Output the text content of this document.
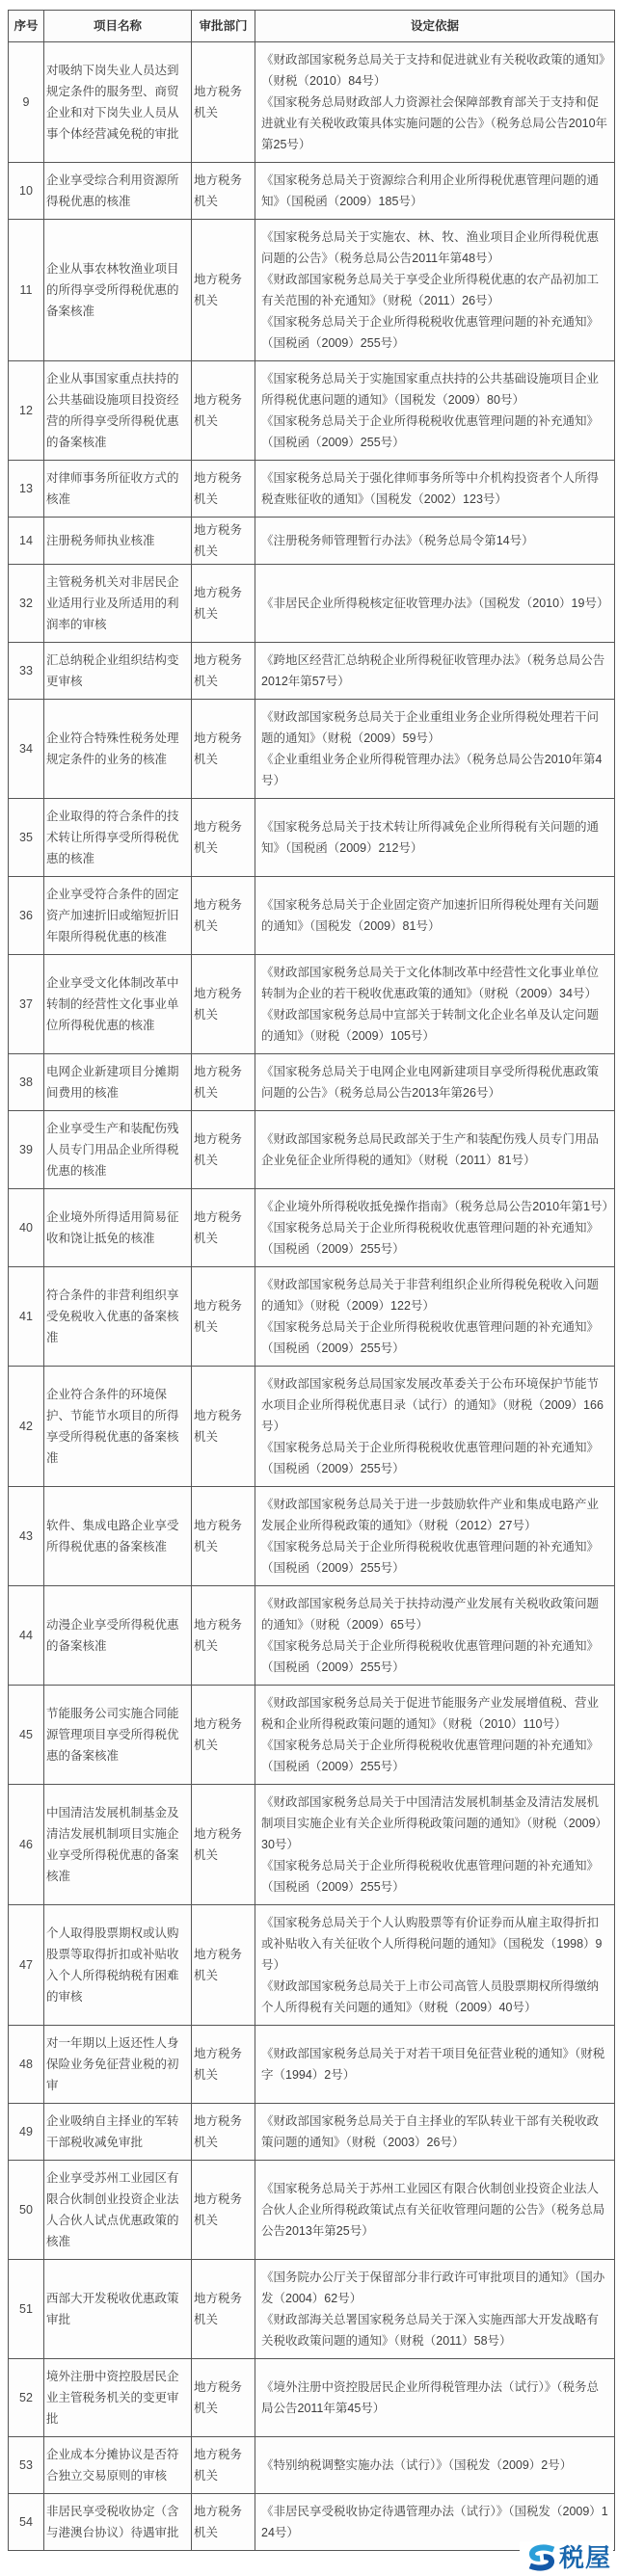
序号	项目名称	审批部门	设定依据
9	对吸纳下岗失业人员达到规定条件的服务型、商贸企业和对下岗失业人员从事个体经营减免税的审批	地方税务机关	《财政部国家税务总局关于支持和促进就业有关税收政策的通知》（财税（2010）84号）
《国家税务总局财政部人力资源社会保障部教育部关于支持和促进就业有关税收政策具体实施问题的公告》（税务总局公告2010年第25号）

10	企业享受综合利用资源所得税优惠的核准	地方税务机关	《国家税务总局关于资源综合利用企业所得税优惠管理问题的通知》（国税函（2009）185号）

11	企业从事农林牧渔业项目的所得享受所得税优惠的备案核准	地方税务机关	《国家税务总局关于实施农、林、牧、渔业项目企业所得税优惠问题的公告》（税务总局公告2011年第48号）
《财政部国家税务总局关于享受企业所得税优惠的农产品初加工有关范围的补充通知》（财税（2011）26号）
《国家税务总局关于企业所得税税收优惠管理问题的补充通知》（国税函（2009）255号）

12	企业从事国家重点扶持的公共基础设施项目投资经营的所得享受所得税优惠的备案核准	地方税务机关	《国家税务总局关于实施国家重点扶持的公共基础设施项目企业所得税优惠问题的通知》（国税发（2009）80号）
《国家税务总局关于企业所得税税收优惠管理问题的补充通知》（国税函（2009）255号）

13	对律师事务所征收方式的核准	地方税务机关	《国家税务总局关于强化律师事务所等中介机构投资者个人所得税查账征收的通知》（国税发（2002）123号）

14	注册税务师执业核准	地方税务机关	《注册税务师管理暂行办法》（税务总局令第14号）

32	主管税务机关对非居民企业适用行业及所适用的利润率的审核	地方税务机关	《非居民企业所得税核定征收管理办法》（国税发（2010）19号）

33	汇总纳税企业组织结构变更审核	地方税务机关	《跨地区经营汇总纳税企业所得税征收管理办法》（税务总局公告2012年第57号）

34	企业符合特殊性税务处理规定条件的业务的核准	地方税务机关	《财政部国家税务总局关于企业重组业务企业所得税处理若干问题的通知》（财税（2009）59号）
《企业重组业务企业所得税管理办法》（税务总局公告2010年第4号）

35	企业取得的符合条件的技术转让所得享受所得税优惠的核准	地方税务机关	《国家税务总局关于技术转让所得减免企业所得税有关问题的通知》（国税函（2009）212号）

36	企业享受符合条件的固定资产加速折旧或缩短折旧年限所得税优惠的核准	地方税务机关	《国家税务总局关于企业固定资产加速折旧所得税处理有关问题的通知》（国税发（2009）81号）

37	企业享受文化体制改革中转制的经营性文化事业单位所得税优惠的核准	地方税务机关	《财政部国家税务总局关于文化体制改革中经营性文化事业单位转制为企业的若干税收优惠政策的通知》（财税（2009）34号）
《财政部国家税务总局中宣部关于转制文化企业名单及认定问题的通知》（财税（2009）105号）

38	电网企业新建项目分摊期间费用的核准	地方税务机关	《国家税务总局关于电网企业电网新建项目享受所得税优惠政策问题的公告》（税务总局公告2013年第26号）

39	企业享受生产和装配伤残人员专门用品企业所得税优惠的核准	地方税务机关	《财政部国家税务总局民政部关于生产和装配伤残人员专门用品企业免征企业所得税的通知》（财税（2011）81号）

40	企业境外所得适用简易征收和饶让抵免的核准	地方税务机关	《企业境外所得税收抵免操作指南》（税务总局公告2010年第1号）
《国家税务总局关于企业所得税税收优惠管理问题的补充通知》（国税函（2009）255号）

41	符合条件的非营利组织享受免税收入优惠的备案核准	地方税务机关	《财政部国家税务总局关于非营利组织企业所得税免税收入问题的通知》（财税（2009）122号）
《国家税务总局关于企业所得税税收优惠管理问题的补充通知》（国税函（2009）255号）

42	企业符合条件的环境保护、节能节水项目的所得享受所得税优惠的备案核准	地方税务机关	《财政部国家税务总局国家发展改革委关于公布环境保护节能节水项目企业所得税优惠目录（试行）的通知》（财税（2009）166号）
《国家税务总局关于企业所得税税收优惠管理问题的补充通知》（国税函（2009）255号）

43	软件、集成电路企业享受所得税优惠的备案核准	地方税务机关	《财政部国家税务总局关于进一步鼓励软件产业和集成电路产业发展企业所得税政策的通知》（财税（2012）27号）
《国家税务总局关于企业所得税税收优惠管理问题的补充通知》（国税函（2009）255号）

44	动漫企业享受所得税优惠的备案核准	地方税务机关	《财政部国家税务总局关于扶持动漫产业发展有关税收政策问题的通知》（财税（2009）65号）
《国家税务总局关于企业所得税税收优惠管理问题的补充通知》（国税函（2009）255号）

45	节能服务公司实施合同能源管理项目享受所得税优惠的备案核准	地方税务机关	《财政部国家税务总局关于促进节能服务产业发展增值税、营业税和企业所得税政策问题的通知》（财税（2010）110号）
《国家税务总局关于企业所得税税收优惠管理问题的补充通知》（国税函（2009）255号）

46	中国清洁发展机制基金及清洁发展机制项目实施企业享受所得税优惠的备案核准	地方税务机关	《财政部国家税务总局关于中国清洁发展机制基金及清洁发展机制项目实施企业有关企业所得税政策问题的通知》（财税（2009）30号）
《国家税务总局关于企业所得税税收优惠管理问题的补充通知》（国税函（2009）255号）

47	个人取得股票期权或认购股票等取得折扣或补贴收入个人所得税纳税有困难的审核	地方税务机关	《国家税务总局关于个人认购股票等有价证券而从雇主取得折扣或补贴收入有关征收个人所得税问题的通知》（国税发（1998）9号）
《财政部国家税务总局关于上市公司高管人员股票期权所得缴纳个人所得税有关问题的通知》（财税（2009）40号）

48	对一年期以上返还性人身保险业务免征营业税的初审	地方税务机关	《财政部国家税务总局关于对若干项目免征营业税的通知》（财税字（1994）2号）

49	企业吸纳自主择业的军转干部税收减免审批	地方税务机关	《财政部国家税务总局关于自主择业的军队转业干部有关税收政策问题的通知》（财税（2003）26号）

50	企业享受苏州工业园区有限合伙制创业投资企业法人合伙人试点优惠政策的核准	地方税务机关	《国家税务总局关于苏州工业园区有限合伙制创业投资企业法人合伙人企业所得税政策试点有关征收管理问题的公告》（税务总局公告2013年第25号）

51	西部大开发税收优惠政策审批	地方税务机关	《国务院办公厅关于保留部分非行政许可审批项目的通知》（国办发（2004）62号）
《财政部海关总署国家税务总局关于深入实施西部大开发战略有关税收政策问题的通知》（财税（2011）58号）

52	境外注册中资控股居民企业主管税务机关的变更审批	地方税务机关	《境外注册中资控股居民企业所得税管理办法（试行）》（税务总局公告2011年第45号）

53	企业成本分摊协议是否符合独立交易原则的审核	地方税务机关	《特别纳税调整实施办法（试行）》（国税发（2009）2号）

54	非居民享受税收协定（含与港澳台协议）待遇审批	地方税务机关	《非居民享受税收协定待遇管理办法（试行）》（国税发（2009）124号）
税屋
